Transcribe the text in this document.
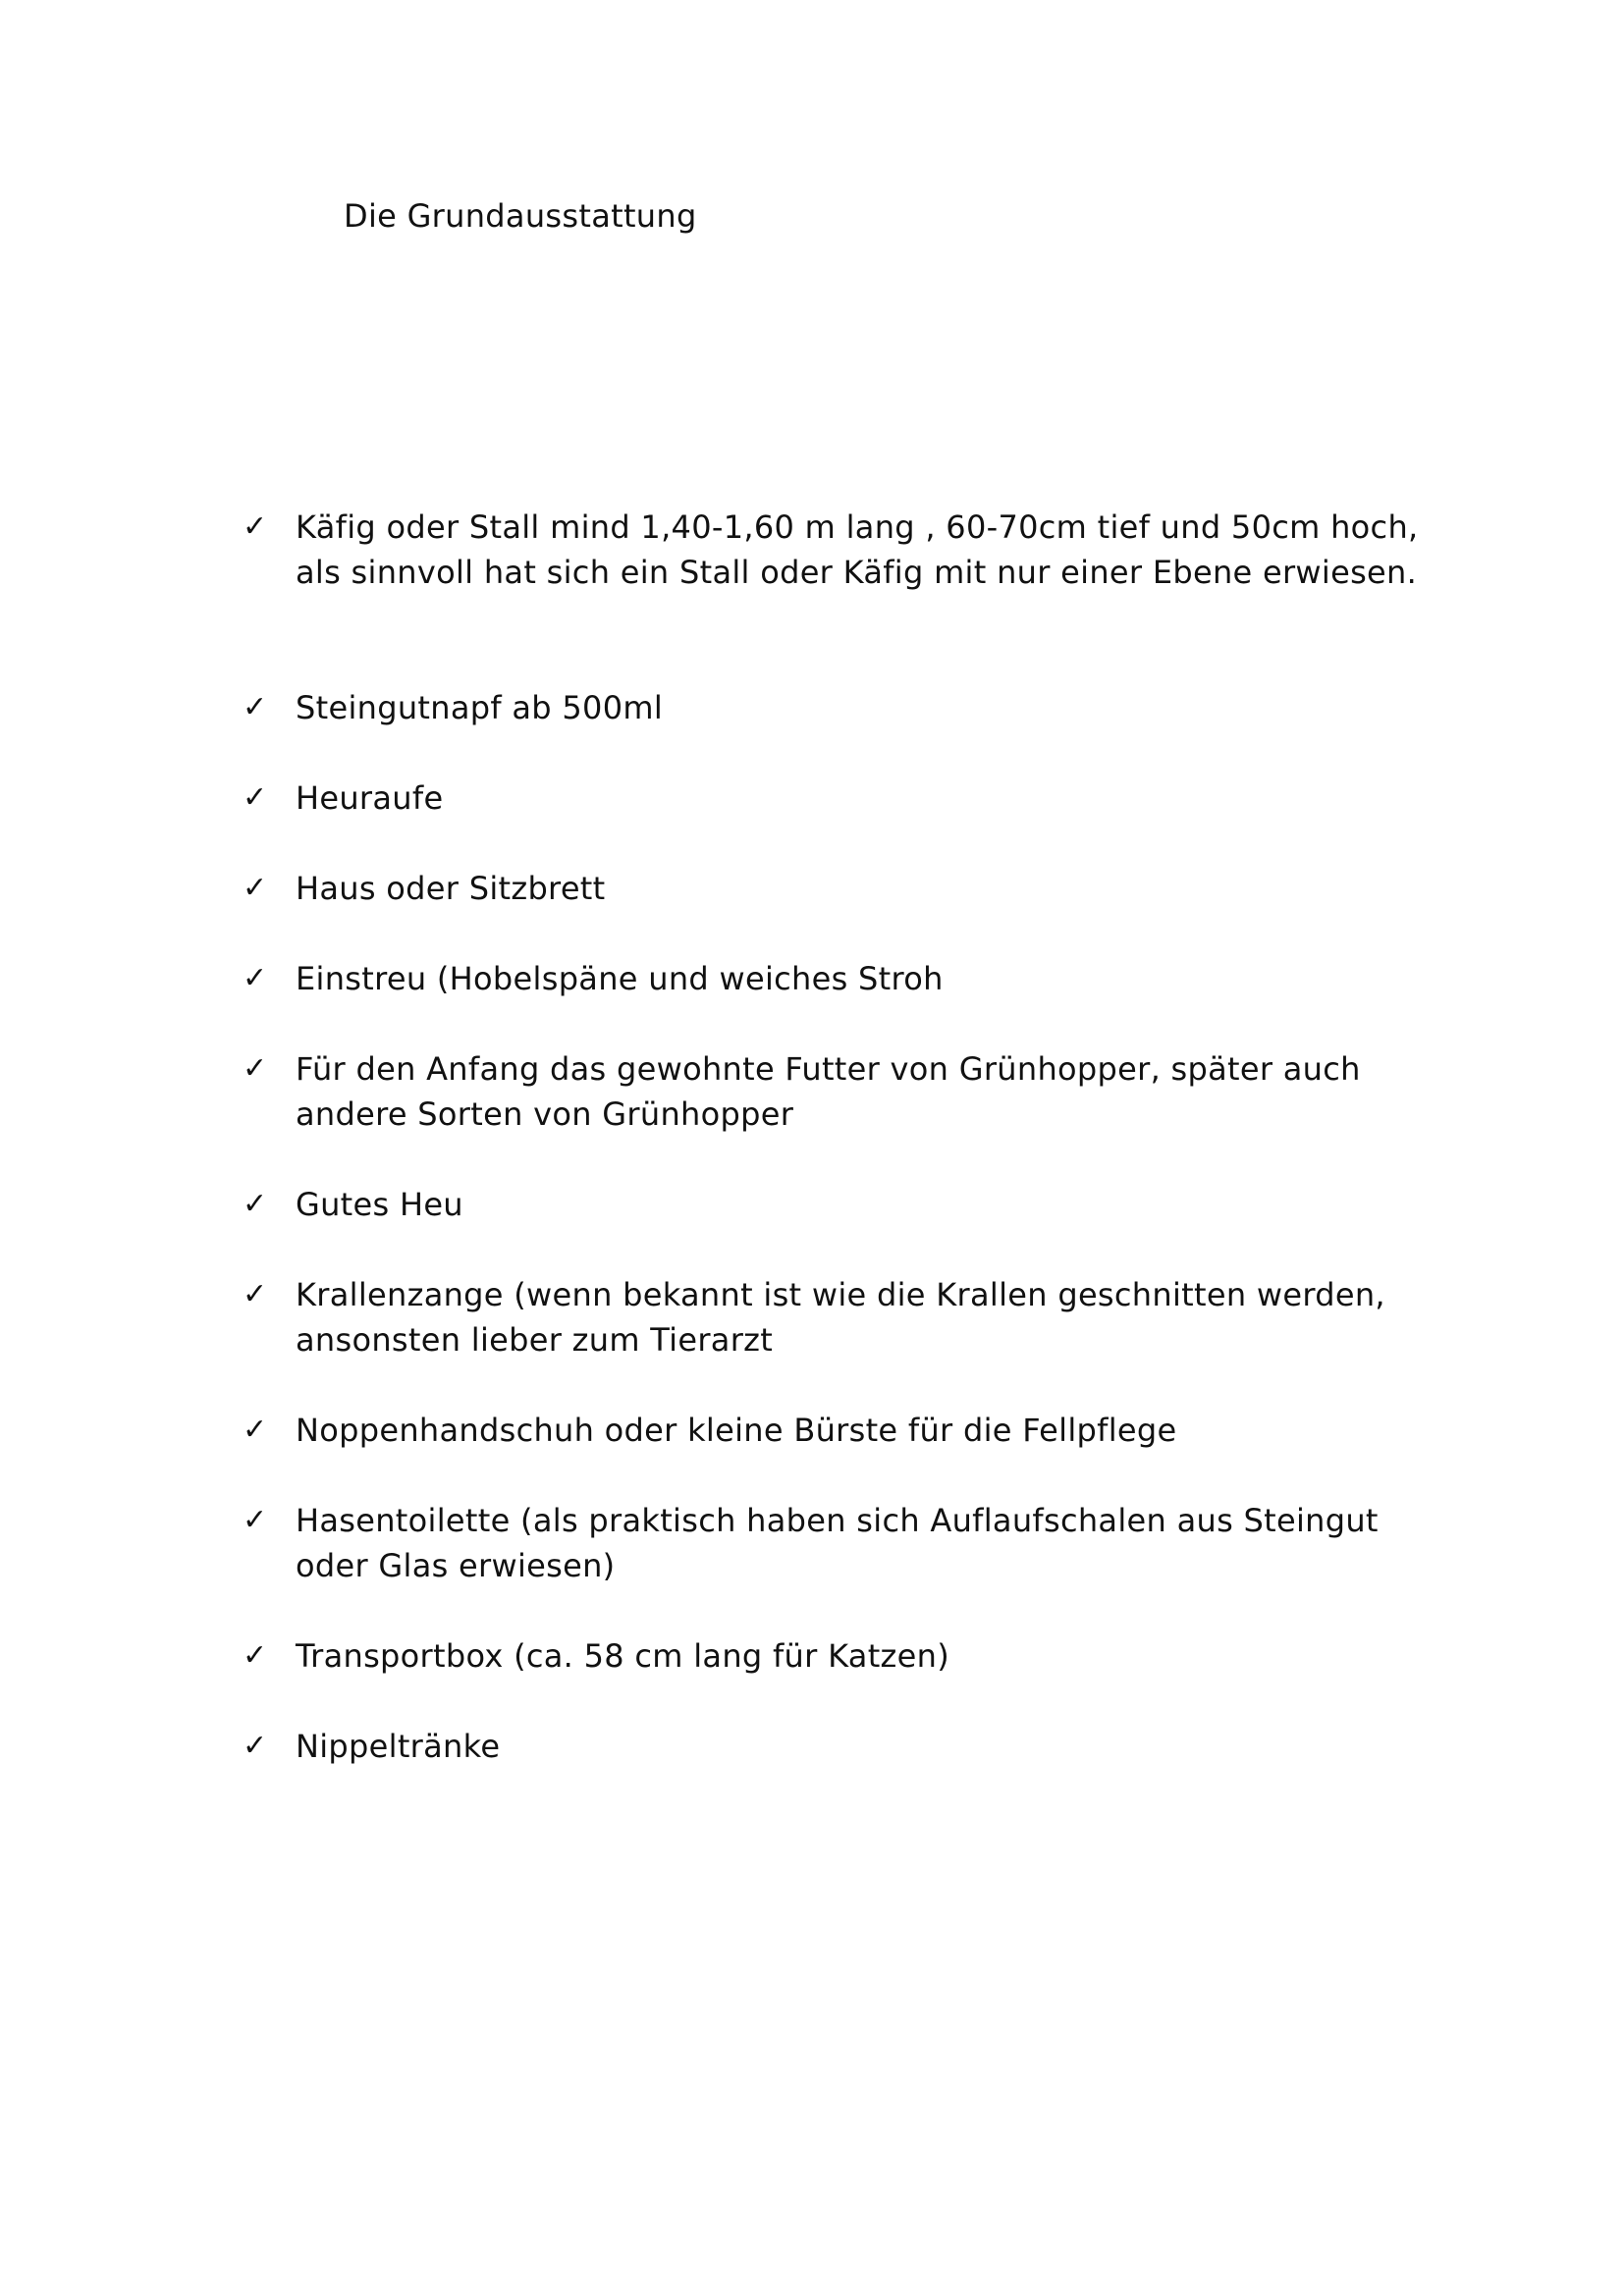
Die Grundausstattung
✓ Käfig oder Stall mind 1,40-1,60 m lang , 60-70cm tief und 50cm hoch,
als sinnvoll hat sich ein Stall oder Käfig mit nur einer Ebene erwiesen.
✓ Steingutnapf ab 500ml
✓ Heuraufe
✓ Haus oder Sitzbrett
✓ Einstreu (Hobelspäne und weiches Stroh
✓ Für den Anfang das gewohnte Futter von Grünhopper, später auch
andere Sorten von Grünhopper
✓ Gutes Heu
✓ Krallenzange (wenn bekannt ist wie die Krallen geschnitten werden,
ansonsten lieber zum Tierarzt
✓ Noppenhandschuh oder kleine Bürste für die Fellpflege
✓ Hasentoilette (als praktisch haben sich Auflaufschalen aus Steingut
oder Glas erwiesen)
✓ Transportbox (ca. 58 cm lang für Katzen)
✓ Nippeltränke
